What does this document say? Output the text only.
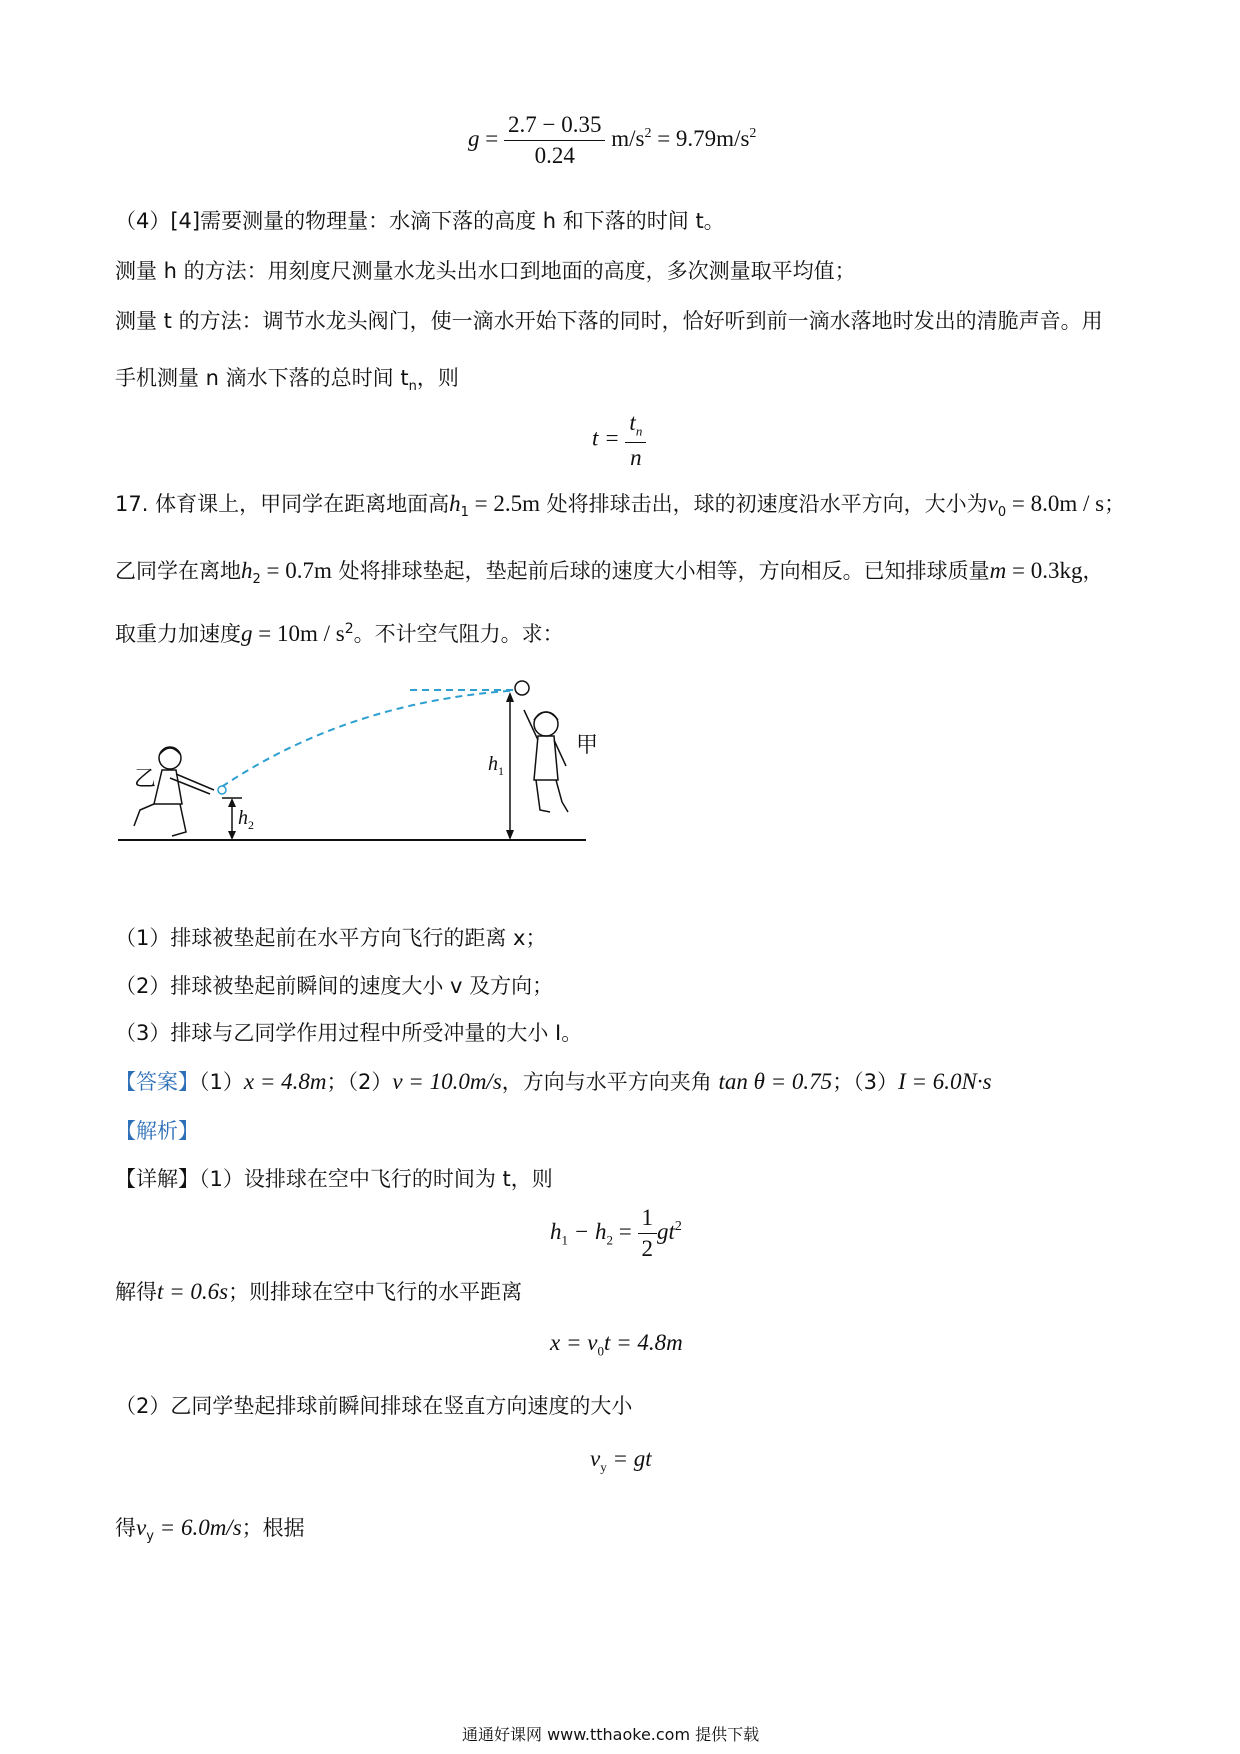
$g = \frac{2.7 - 0.35}{0.24} m/s^2 = 9.79m/s^2$
（4）[4]需要测量的物理量：水滴下落的高度 h 和下落的时间 t。
测量 h 的方法：用刻度尺测量水龙头出水口到地面的高度，多次测量取平均值；
测量 t 的方法：调节水龙头阀门，使一滴水开始下落的同时，恰好听到前一滴水落地时发出的清脆声音。用
手机测量 n 滴水下落的总时间 $t_n$，则
$t = \frac{t_n}{n}$
17. 体育课上，甲同学在距离地面高$h_1 = 2.5m$ 处将排球击出，球的初速度沿水平方向，大小为$v_0 = 8.0m / s$；
乙同学在离地$h_2 = 0.7m$ 处将排球垫起，垫起前后球的速度大小相等，方向相反。已知排球质量m = 0.3kg，
取重力加速度$g = 10m / s^2$。不计空气阻力。求：
甲
乙
$h_1$
$h_2$
（1）排球被垫起前在水平方向飞行的距离 x；
（2）排球被垫起前瞬间的速度大小 v 及方向；
（3）排球与乙同学作用过程中所受冲量的大小 I。
【答案】（1）x = 4.8m；（2）v = 10.0m/s，方向与水平方向夹角 tan θ = 0.75；（3）I = 6.0N·s
【解析】
【详解】（1）设排球在空中飞行的时间为 t，则
$h_1 - h_2 = \frac{1}{2} gt^2$
解得t = 0.6s；则排球在空中飞行的水平距离
$x = v_0t = 4.8m$
（2）乙同学垫起排球前瞬间排球在竖直方向速度的大小
$v_y$ = gt
得$v_y = 6.0m/s$；根据
通通好课网 www.tthaoke.com 提供下载
